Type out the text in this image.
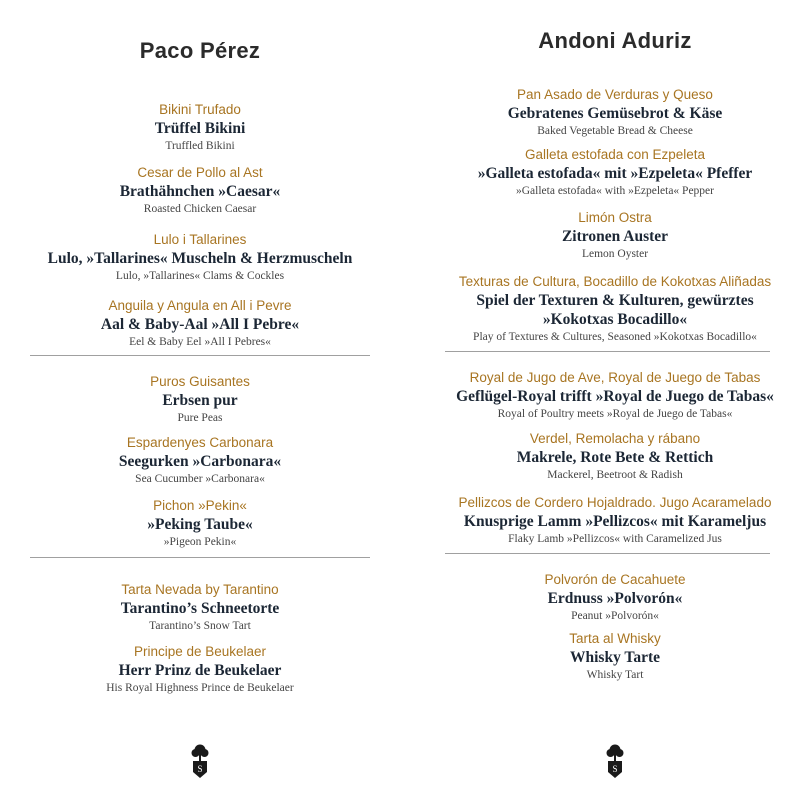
Paco Pérez
Bikini Trufado
Trüffel Bikini
Truffled Bikini
Cesar de Pollo al Ast
Brathähnchen »Caesar«
Roasted Chicken Caesar
Lulo i Tallarines
Lulo, »Tallarines« Muscheln & Herzmuscheln
Lulo, »Tallarines« Clams & Cockles
Anguila y Angula en All i Pevre
Aal & Baby-Aal »All I Pebre«
Eel & Baby Eel »All I Pebres«
Puros Guisantes
Erbsen pur
Pure Peas
Espardenyes Carbonara
Seegurken »Carbonara«
Sea Cucumber »Carbonara«
Pichon »Pekin«
»Peking Taube«
»Pigeon Pekin«
Tarta Nevada by Tarantino
Tarantino’s Schneetorte
Tarantino’s Snow Tart
Principe de Beukelaer
Herr Prinz de Beukelaer
His Royal Highness Prince de Beukelaer
S
Andoni Aduriz
Pan Asado de Verduras y Queso
Gebratenes Gemüsebrot & Käse
Baked Vegetable Bread & Cheese
Galleta estofada con Ezpeleta
»Galleta estofada« mit »Ezpeleta« Pfeffer
»Galleta estofada« with »Ezpeleta« Pepper
Limón Ostra
Zitronen Auster
Lemon Oyster
Texturas de Cultura, Bocadillo de Kokotxas Aliñadas
Spiel der Texturen & Kulturen, gewürztes
»Kokotxas Bocadillo«
Play of Textures & Cultures, Seasoned »Kokotxas Bocadillo«
Royal de Jugo de Ave, Royal de Juego de Tabas
Geflügel-Royal trifft »Royal de Juego de Tabas«
Royal of Poultry meets »Royal de Juego de Tabas«
Verdel, Remolacha y rábano
Makrele, Rote Bete & Rettich
Mackerel, Beetroot & Radish
Pellizcos de Cordero Hojaldrado. Jugo Acaramelado
Knusprige Lamm »Pellizcos« mit Karameljus
Flaky Lamb »Pellizcos« with Caramelized Jus
Polvorón de Cacahuete
Erdnuss »Polvorón«
Peanut »Polvorón«
Tarta al Whisky
Whisky Tarte
Whisky Tart
S
